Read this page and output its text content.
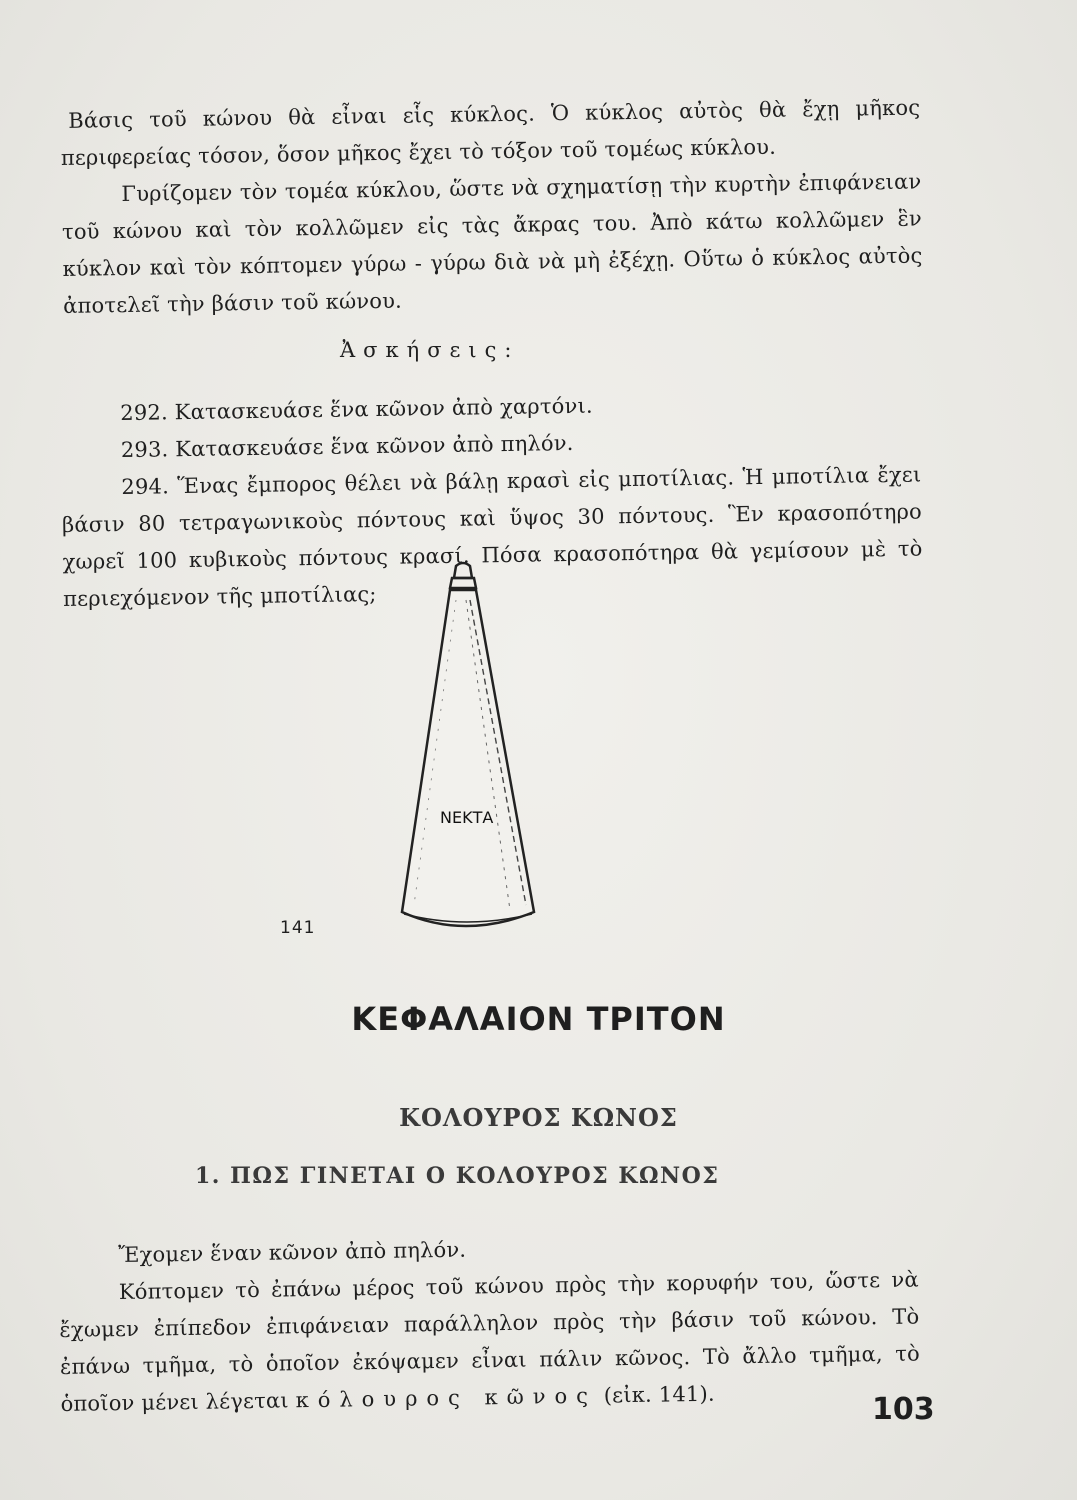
Βάσις τοῦ κώνου θὰ εἶναι εἷς κύκλος. Ὁ κύκλος αὐτὸς θὰ ἔχῃ μῆκος περιφερείας τόσον, ὅσον μῆκος ἔχει τὸ τόξον τοῦ τομέως κύκλου.

Γυρίζομεν τὸν τομέα κύκλου, ὥστε νὰ σχηματίσῃ τὴν κυρτὴν ἐπιφάνειαν τοῦ κώνου καὶ τὸν κολλῶμεν εἰς τὰς ἄκρας του. Ἀπὸ κάτω κολλῶμεν ἓν κύκλον καὶ τὸν κόπτομεν γύρω - γύρω διὰ νὰ μὴ ἐξέχῃ. Οὕτω ὁ κύκλος αὐτὸς ἀποτελεῖ τὴν βάσιν τοῦ κώνου.

Ἀσκήσεις:

292. Κατασκευάσε ἕνα κῶνον ἀπὸ χαρτόνι.

293. Κατασκευάσε ἕνα κῶνον ἀπὸ πηλόν.

294. Ἕνας ἔμπορος θέλει νὰ βάλῃ κρασὶ εἰς μποτίλιας. Ἡ μποτίλια ἔχει βάσιν 80 τετραγωνικοὺς πόντους καὶ ὕψος 30 πόντους. Ἓν κρασοπότηρο χωρεῖ 100 κυβικοὺς πόντους κρασί. Πόσα κρασοπότηρα θὰ γεμίσουν μὲ τὸ περιεχόμενον τῆς μποτίλιας;

ΝΕΚΤΑ

141

ΚΕΦΑΛΑΙΟΝ ΤΡΙΤΟΝ
ΚΟΛΟΥΡΟΣ ΚΩΝΟΣ
1. ΠΩΣ ΓΙΝΕΤΑΙ Ο ΚΟΛΟΥΡΟΣ ΚΩΝΟΣ

Ἔχομεν ἕναν κῶνον ἀπὸ πηλόν.

Κόπτομεν τὸ ἐπάνω μέρος τοῦ κώνου πρὸς τὴν κορυφήν του, ὥστε νὰ ἔχωμεν ἐπίπεδον ἐπιφάνειαν παράλληλον πρὸς τὴν βάσιν τοῦ κώνου. Τὸ ἐπάνω τμῆμα, τὸ ὁποῖον ἐκόψαμεν εἶναι πάλιν κῶνος. Τὸ ἄλλο τμῆμα, τὸ ὁποῖον μένει λέγεται κόλουρος κῶνος (εἰκ. 141).	103
